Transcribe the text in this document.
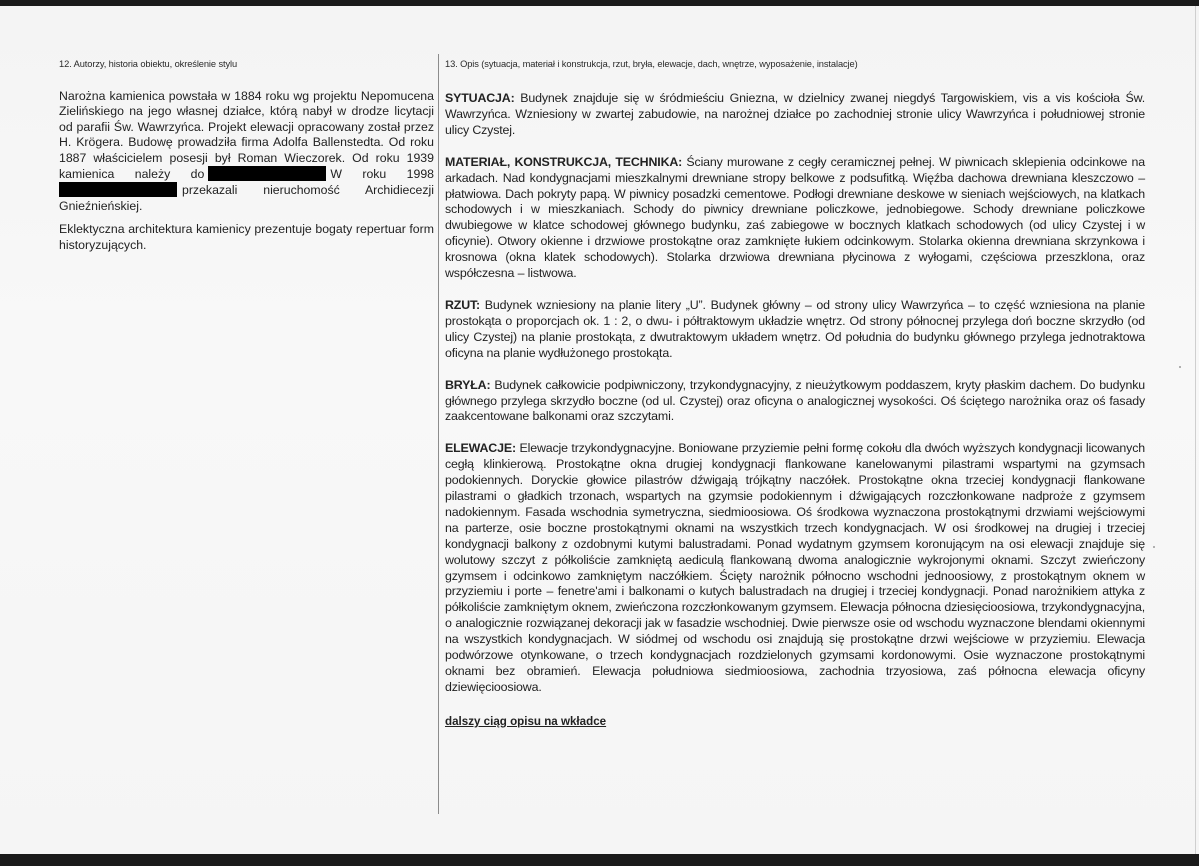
12. Autorzy, historia obiektu, określenie stylu

Narożna kamienica powstała w 1884 roku wg projektu Nepomucena Zielińskiego na jego własnej działce, którą nabył w drodze licytacji od parafii Św. Wawrzyńca. Projekt elewacji opracowany został przez H. Krögera. Budowę prowadziła firma Adolfa Ballenstedta. Od roku 1887 właścicielem posesji był Roman Wieczorek. Od roku 1939 kamienica należy do	W roku 1998 przekazali nieruchomość Archidiecezji Gnieźnieńskiej.

Eklektyczna architektura kamienicy prezentuje bogaty repertuar form historyzujących.

13. Opis (sytuacja, materiał i konstrukcja, rzut, bryła, elewacje, dach, wnętrze, wyposażenie, instalacje)

SYTUACJA: Budynek znajduje się w śródmieściu Gniezna, w dzielnicy zwanej niegdyś Targowiskiem, vis a vis kościoła Św. Wawrzyńca. Wzniesiony w zwartej zabudowie, na narożnej działce po zachodniej stronie ulicy Wawrzyńca i południowej stronie ulicy Czystej.

MATERIAŁ, KONSTRUKCJA, TECHNIKA: Ściany murowane z cegły ceramicznej pełnej. W piwnicach sklepienia odcinkowe na arkadach. Nad kondygnacjami mieszkalnymi drewniane stropy belkowe z podsufitką. Więźba dachowa drewniana kleszczowo – płatwiowa. Dach pokryty papą. W piwnicy posadzki cementowe. Podłogi drewniane deskowe w sieniach wejściowych, na klatkach schodowych i w mieszkaniach. Schody do piwnicy drewniane policzkowe, jednobiegowe. Schody drewniane policzkowe dwubiegowe w klatce schodowej głównego budynku, zaś zabiegowe w bocznych klatkach schodowych (od ulicy Czystej i w oficynie). Otwory okienne i drzwiowe prostokątne oraz zamknięte łukiem odcinkowym. Stolarka okienna drewniana skrzynkowa i krosnowa (okna klatek schodowych). Stolarka drzwiowa drewniana płycinowa z wyłogami, częściowa przeszklona, oraz współczesna – listwowa.

RZUT: Budynek wzniesiony na planie litery „U”. Budynek główny – od strony ulicy Wawrzyńca – to część wzniesiona na planie prostokąta o proporcjach ok. 1 : 2, o dwu- i półtraktowym układzie wnętrz. Od strony północnej przylega doń boczne skrzydło (od ulicy Czystej) na planie prostokąta, z dwutraktowym układem wnętrz. Od południa do budynku głównego przylega jednotraktowa oficyna na planie wydłużonego prostokąta.

BRYŁA: Budynek całkowicie podpiwniczony, trzykondygnacyjny, z nieużytkowym poddaszem, kryty płaskim dachem. Do budynku głównego przylega skrzydło boczne (od ul. Czystej) oraz oficyna o analogicznej wysokości. Oś ściętego narożnika oraz oś fasady zaakcentowane balkonami oraz szczytami.

ELEWACJE: Elewacje trzykondygnacyjne. Boniowane przyziemie pełni formę cokołu dla dwóch wyższych kondygnacji licowanych cegłą klinkierową. Prostokątne okna drugiej kondygnacji flankowane kanelowanymi pilastrami wspartymi na gzymsach podokiennych. Doryckie głowice pilastrów dźwigają trójkątny naczółek. Prostokątne okna trzeciej kondygnacji flankowane pilastrami o gładkich trzonach, wspartych na gzymsie podokiennym i dźwigających rozczłonkowane nadproże z gzymsem nadokiennym. Fasada wschodnia symetryczna, siedmioosiowa. Oś środkowa wyznaczona prostokątnymi drzwiami wejściowymi na parterze, osie boczne prostokątnymi oknami na wszystkich trzech kondygnacjach. W osi środkowej na drugiej i trzeciej kondygnacji balkony z ozdobnymi kutymi balustradami. Ponad wydatnym gzymsem koronującym na osi elewacji znajduje się wolutowy szczyt z półkoliście zamkniętą aediculą flankowaną dwoma analogicznie wykrojonymi oknami. Szczyt zwieńczony gzymsem i odcinkowo zamkniętym naczółkiem. Ścięty narożnik północno wschodni jednoosiowy, z prostokątnym oknem w przyziemiu i porte – fenetre'ami i balkonami o kutych balustradach na drugiej i trzeciej kondygnacji. Ponad narożnikiem attyka z półkoliście zamkniętym oknem, zwieńczona rozczłonkowanym gzymsem. Elewacja północna dziesięcioosiowa, trzykondygnacyjna, o analogicznie rozwiązanej dekoracji jak w fasadzie wschodniej. Dwie pierwsze osie od wschodu wyznaczone blendami okiennymi na wszystkich kondygnacjach. W siódmej od wschodu osi znajdują się prostokątne drzwi wejściowe w przyziemiu. Elewacja podwórzowe otynkowane, o trzech kondygnacjach rozdzielonych gzymsami kordonowymi. Osie wyznaczone prostokątnymi oknami bez obramień. Elewacja południowa siedmioosiowa, zachodnia trzyosiowa, zaś północna elewacja oficyny dziewięcioosiowa.

dalszy ciąg opisu na wkładce
